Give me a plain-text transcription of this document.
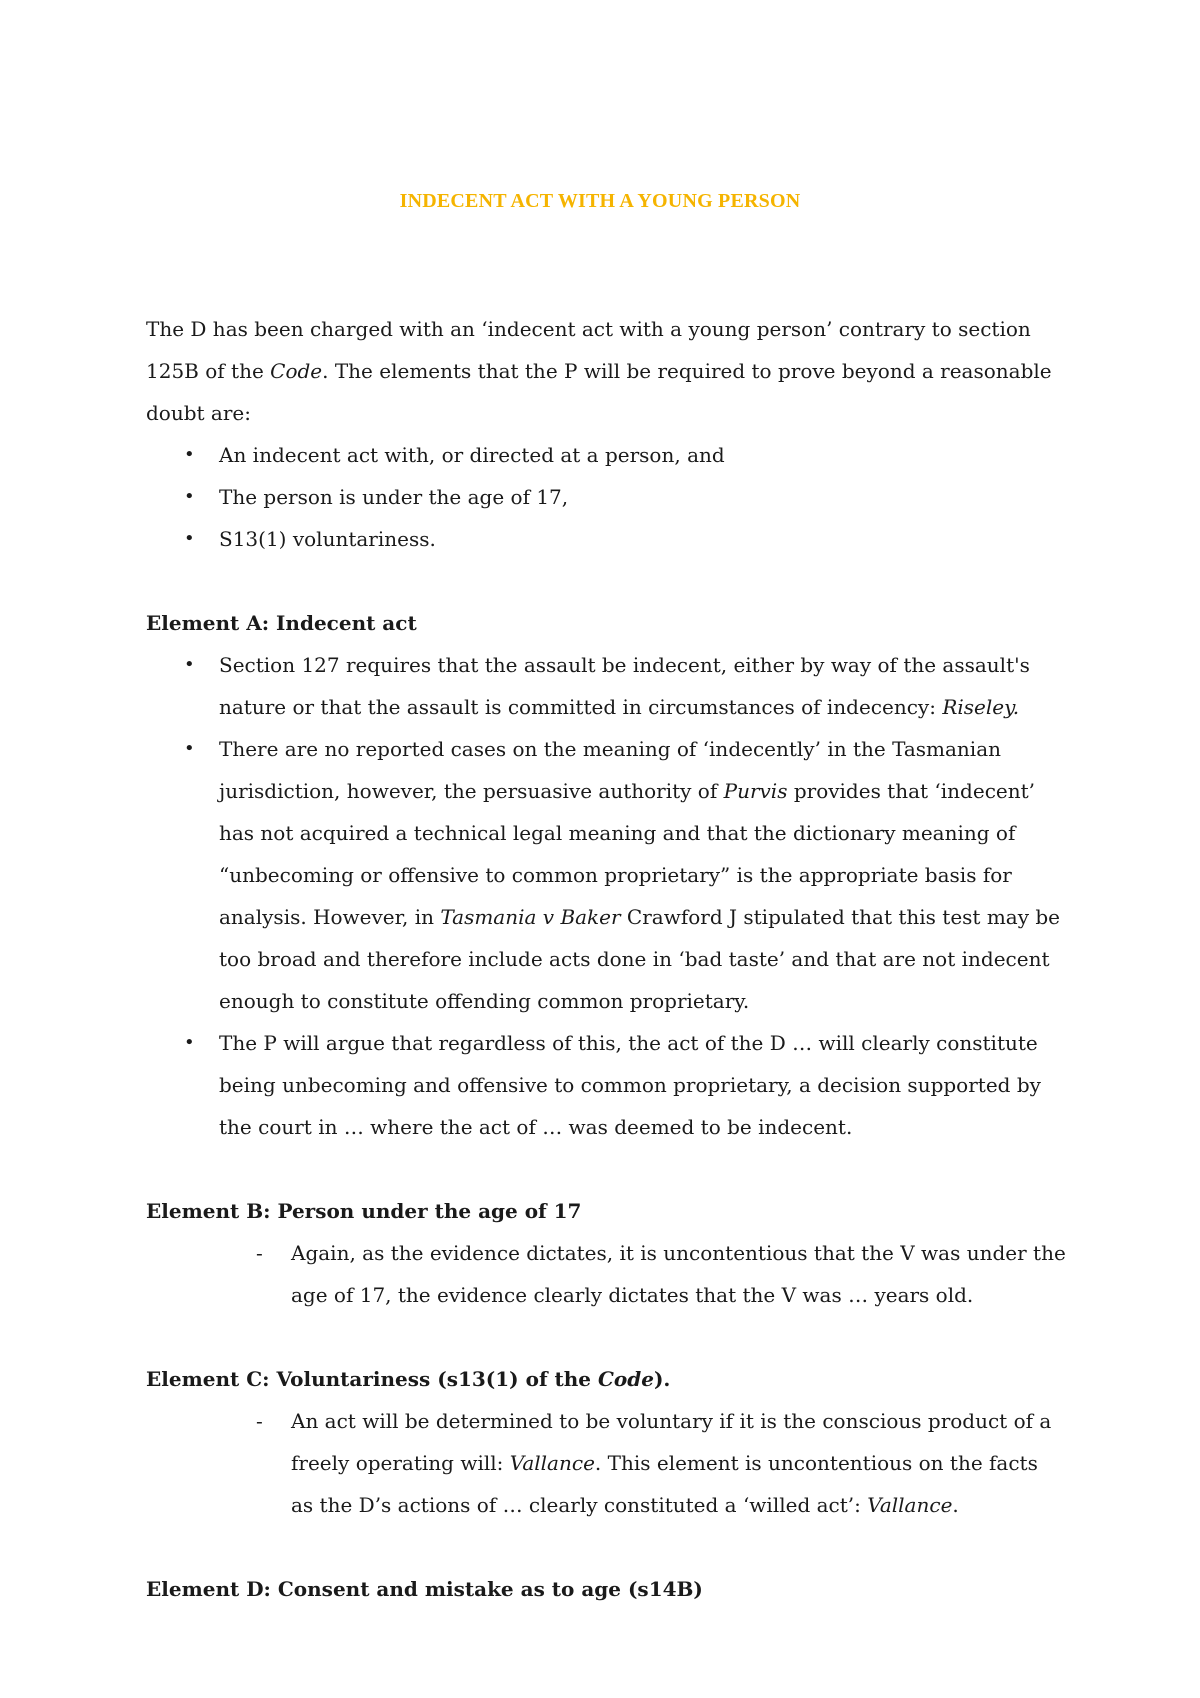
INDECENT ACT WITH A YOUNG PERSON

The D has been charged with an ‘indecent act with a young person’ contrary to section 125B of the Code. The elements that the P will be required to prove beyond a reasonable doubt are:

• An indecent act with, or directed at a person, and
• The person is under the age of 17,
• S13(1) voluntariness.

Element A: Indecent act

• Section 127 requires that the assault be indecent, either by way of the assault's nature or that the assault is committed in circumstances of indecency: Riseley.
• There are no reported cases on the meaning of ‘indecently’ in the Tasmanian jurisdiction, however, the persuasive authority of Purvis provides that ‘indecent’ has not acquired a technical legal meaning and that the dictionary meaning of “unbecoming or offensive to common proprietary” is the appropriate basis for analysis. However, in Tasmania v Baker Crawford J stipulated that this test may be too broad and therefore include acts done in ‘bad taste’ and that are not indecent enough to constitute offending common proprietary.
• The P will argue that regardless of this, the act of the D … will clearly constitute being unbecoming and offensive to common proprietary, a decision supported by the court in … where the act of … was deemed to be indecent.

Element B: Person under the age of 17

- Again, as the evidence dictates, it is uncontentious that the V was under the age of 17, the evidence clearly dictates that the V was … years old.

Element C: Voluntariness (s13(1) of the Code).

- An act will be determined to be voluntary if it is the conscious product of a freely operating will: Vallance. This element is uncontentious on the facts as the D’s actions of … clearly constituted a ‘willed act’: Vallance.

Element D: Consent and mistake as to age (s14B)
